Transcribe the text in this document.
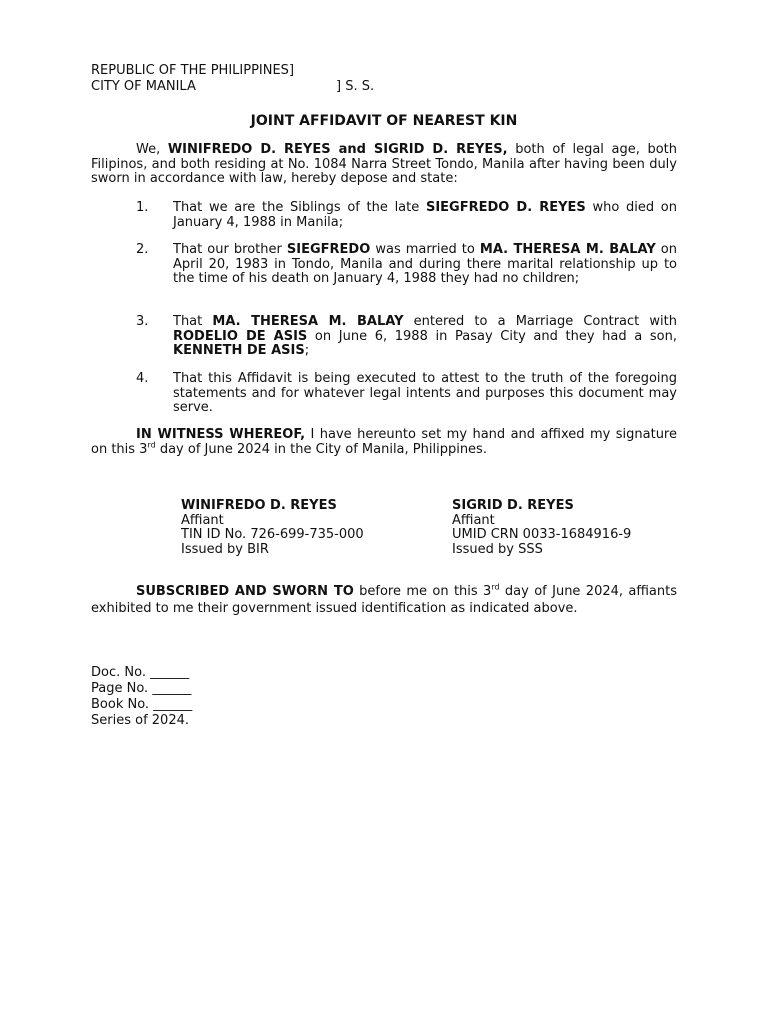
REPUBLIC OF THE PHILIPPINES]
CITY OF MANILA	] S. S.
JOINT AFFIDAVIT OF NEAREST KIN
We, WINIFREDO D. REYES and SIGRID D. REYES, both of legal age, both Filipinos, and both residing at No. 1084 Narra Street Tondo, Manila after having been duly sworn in accordance with law, hereby depose and state:
1. That we are the Siblings of the late SIEGFREDO D. REYES who died on January 4, 1988 in Manila;
2. That our brother SIEGFREDO was married to MA. THERESA M. BALAY on April 20, 1983 in Tondo, Manila and during there marital relationship up to the time of his death on January 4, 1988 they had no children;
3. That MA. THERESA M. BALAY entered to a Marriage Contract with RODELIO DE ASIS on June 6, 1988 in Pasay City and they had a son, KENNETH DE ASIS;
4. That this Affidavit is being executed to attest to the truth of the foregoing statements and for whatever legal intents and purposes this document may serve.
IN WITNESS WHEREOF, I have hereunto set my hand and affixed my signature on this 3rd day of June 2024 in the City of Manila, Philippines.
WINIFREDO D. REYES
Affiant
TIN ID No. 726-699-735-000
Issued by BIR
SIGRID D. REYES
Affiant
UMID CRN 0033-1684916-9
Issued by SSS
SUBSCRIBED AND SWORN TO before me on this 3rd day of June 2024, affiants exhibited to me their government issued identification as indicated above.
Doc. No. ______
Page No. ______
Book No. ______
Series of 2024.
